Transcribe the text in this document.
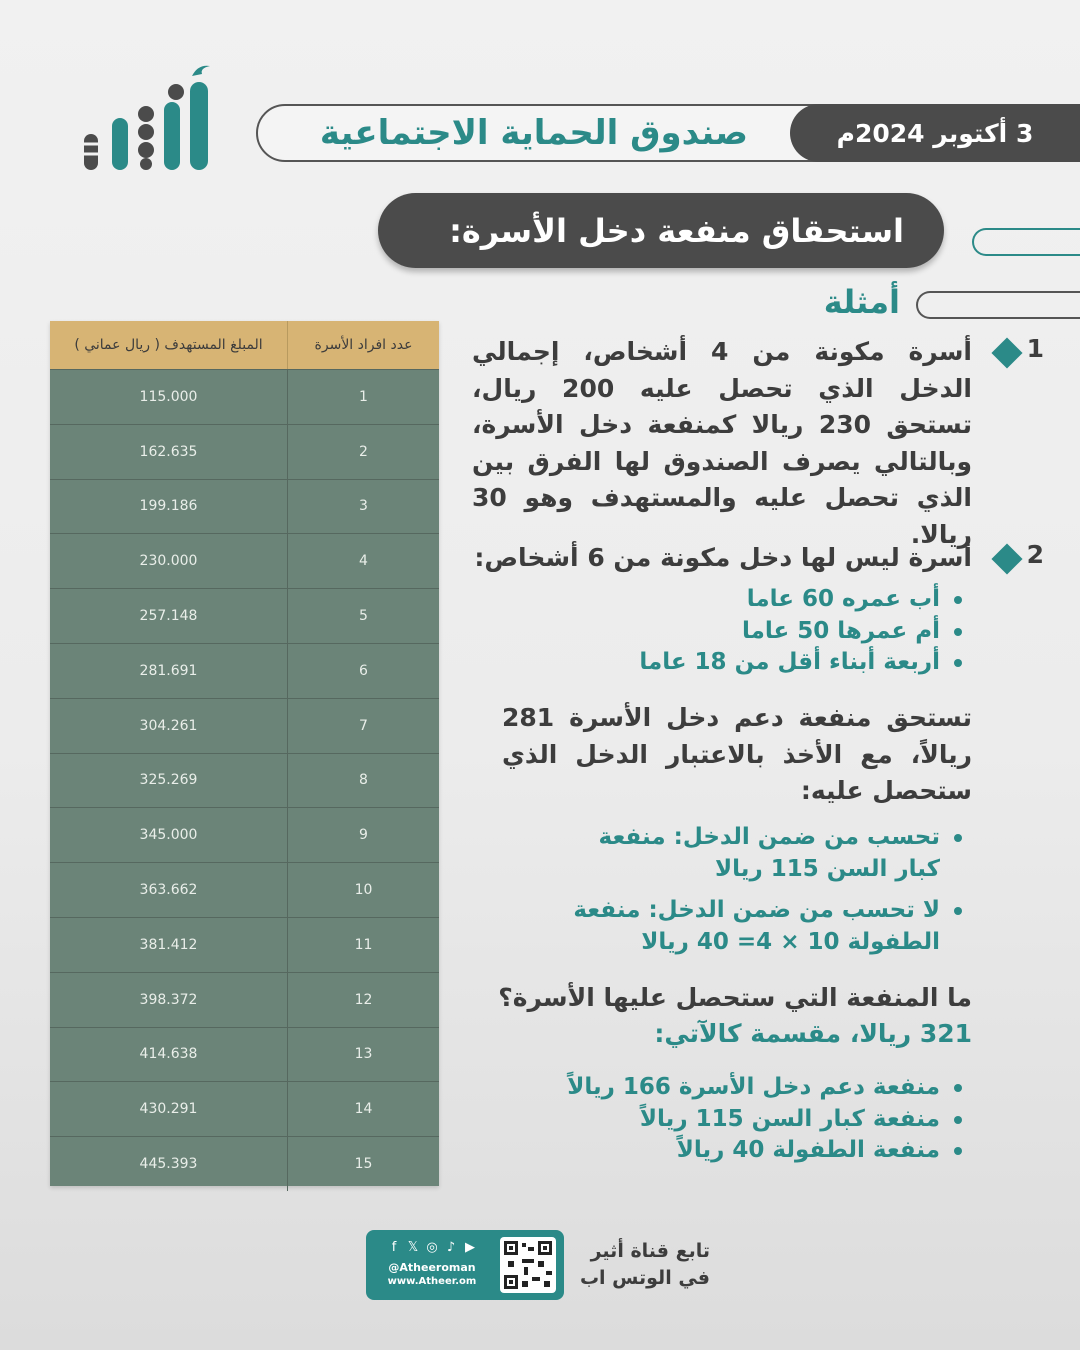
3 أكتوبر 2024م
صندوق الحماية الاجتماعية
استحقاق منفعة دخل الأسرة:
أمثلة
عدد افراد الأسرة
المبلغ المستهدف ( ريال عماني )
1
115.000
2
162.635
3
199.186
4
230.000
5
257.148
6
281.691
7
304.261
8
325.269
9
345.000
10
363.662
11
381.412
12
398.372
13
414.638
14
430.291
15
445.393
1
أسرة مكونة من 4 أشخاص، إجمالي الدخل الذي تحصل عليه 200 ريال، تستحق 230 ريالا كمنفعة دخل الأسرة، وبالتالي يصرف الصندوق لها الفرق بين الذي تحصل عليه والمستهدف وهو 30 ريالا.
2
أسرة ليس لها دخل مكونة من 6 أشخاص:
أب عمره 60 عاما
أم عمرها 50 عاما
أربعة أبناء أقل من 18 عاما
تستحق منفعة دعم دخل الأسرة 281 ريالاً، مع الأخذ بالاعتبار الدخل الذي ستحصل عليه:
تحسب من ضمن الدخل: منفعة كبار السن 115 ريالا
لا تحسب من ضمن الدخل: منفعة الطفولة 10 × 4= 40 ريالا
ما المنفعة التي ستحصل عليها الأسرة؟
321 ريالا، مقسمة كالآتي:
منفعة دعم دخل الأسرة 166 ريالاً
منفعة كبار السن 115 ريالاً
منفعة الطفولة 40 ريالاً
f 𝕏 ◎ ♪ ▶
@Atheeroman
www.Atheer.om
تابع قناة أثير
في الوتس اب
